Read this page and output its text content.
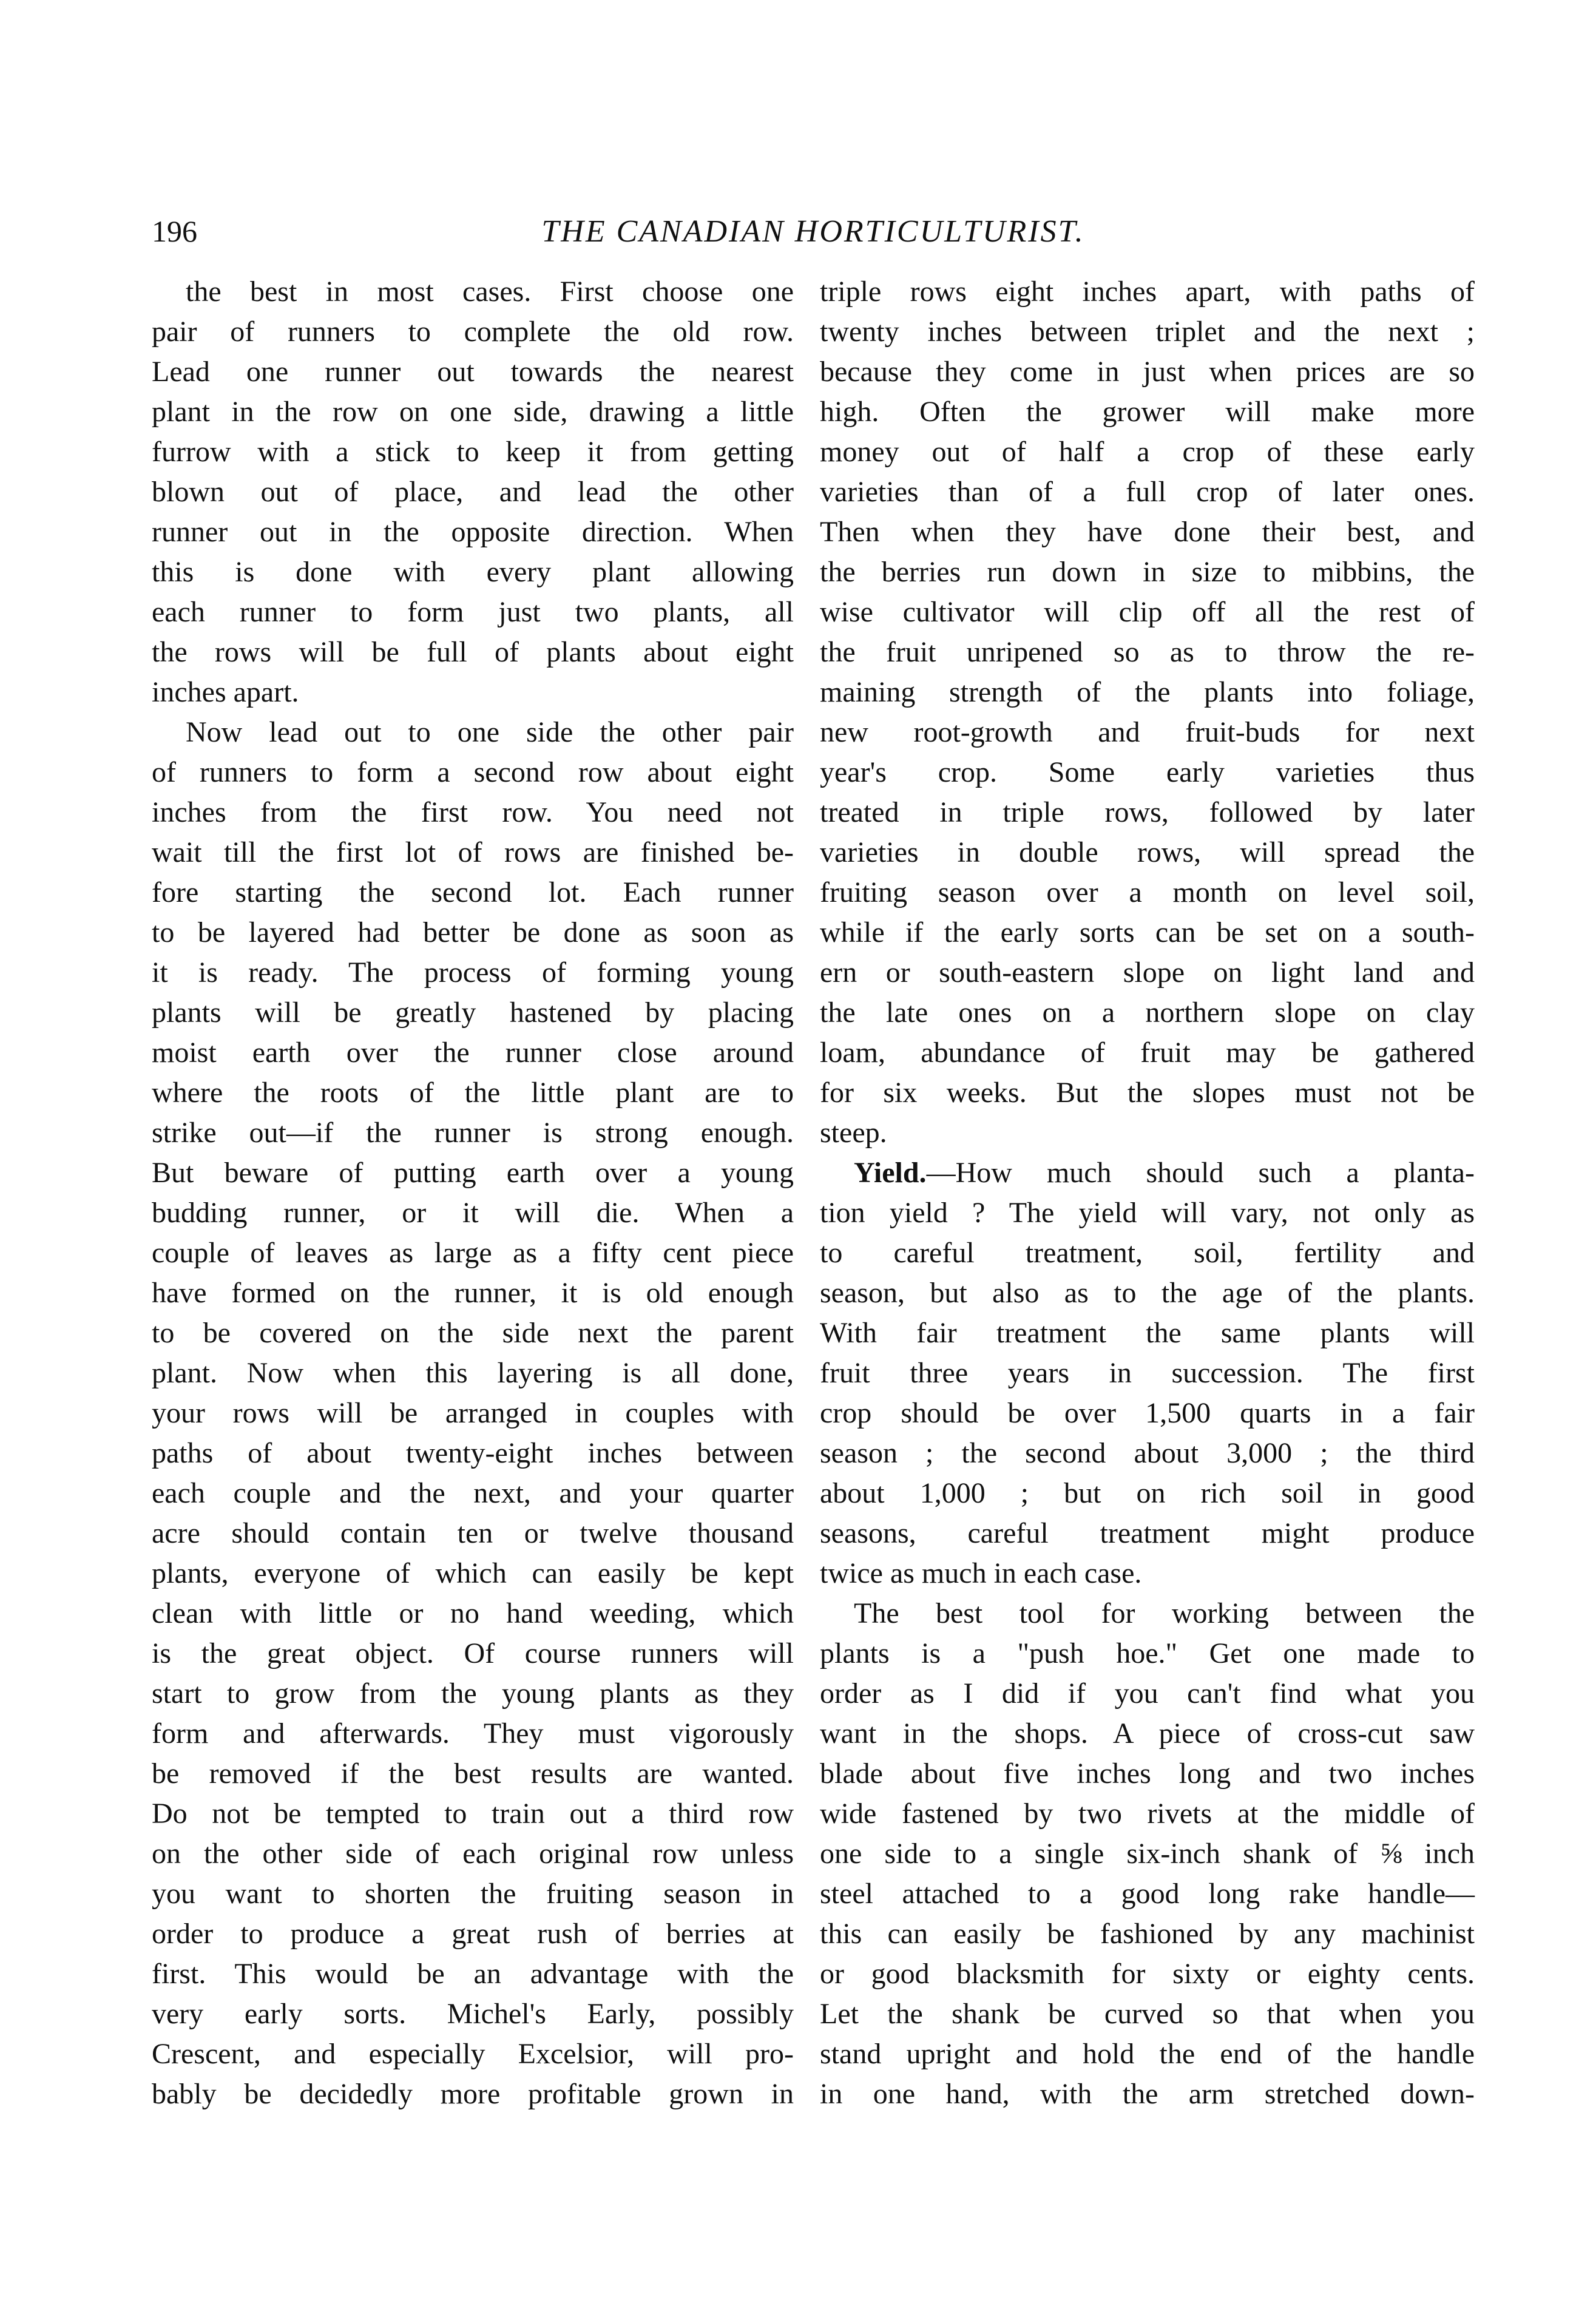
196	THE CANADIAN HORTICULTURIST.
the best in most cases. First choose one
pair of runners to complete the old row.
Lead one runner out towards the nearest
plant in the row on one side, drawing a little
furrow with a stick to keep it from getting
blown out of place, and lead the other
runner out in the opposite direction. When
this is done with every plant allowing
each runner to form just two plants, all
the rows will be full of plants about eight
inches apart.
Now lead out to one side the other pair
of runners to form a second row about eight
inches from the first row. You need not
wait till the first lot of rows are finished be-
fore starting the second lot. Each runner
to be layered had better be done as soon as
it is ready. The process of forming young
plants will be greatly hastened by placing
moist earth over the runner close around
where the roots of the little plant are to
strike out—if the runner is strong enough.
But beware of putting earth over a young
budding runner, or it will die. When a
couple of leaves as large as a fifty cent piece
have formed on the runner, it is old enough
to be covered on the side next the parent
plant. Now when this layering is all done,
your rows will be arranged in couples with
paths of about twenty-eight inches between
each couple and the next, and your quarter
acre should contain ten or twelve thousand
plants, everyone of which can easily be kept
clean with little or no hand weeding, which
is the great object. Of course runners will
start to grow from the young plants as they
form and afterwards. They must vigorously
be removed if the best results are wanted.
Do not be tempted to train out a third row
on the other side of each original row unless
you want to shorten the fruiting season in
order to produce a great rush of berries at
first. This would be an advantage with the
very early sorts. Michel's Early, possibly
Crescent, and especially Excelsior, will pro-
bably be decidedly more profitable grown in
triple rows eight inches apart, with paths of
twenty inches between triplet and the next ;
because they come in just when prices are so
high. Often the grower will make more
money out of half a crop of these early
varieties than of a full crop of later ones.
Then when they have done their best, and
the berries run down in size to mibbins, the
wise cultivator will clip off all the rest of
the fruit unripened so as to throw the re-
maining strength of the plants into foliage,
new root-growth and fruit-buds for next
year's crop. Some early varieties thus
treated in triple rows, followed by later
varieties in double rows, will spread the
fruiting season over a month on level soil,
while if the early sorts can be set on a south-
ern or south-eastern slope on light land and
the late ones on a northern slope on clay
loam, abundance of fruit may be gathered
for six weeks. But the slopes must not be
steep.
Yield.—How much should such a planta-
tion yield ? The yield will vary, not only as
to careful treatment, soil, fertility and
season, but also as to the age of the plants.
With fair treatment the same plants will
fruit three years in succession. The first
crop should be over 1,500 quarts in a fair
season ; the second about 3,000 ; the third
about 1,000 ; but on rich soil in good
seasons, careful treatment might produce
twice as much in each case.
The best tool for working between the
plants is a "push hoe." Get one made to
order as I did if you can't find what you
want in the shops. A piece of cross-cut saw
blade about five inches long and two inches
wide fastened by two rivets at the middle of
one side to a single six-inch shank of ⅝ inch
steel attached to a good long rake handle—
this can easily be fashioned by any machinist
or good blacksmith for sixty or eighty cents.
Let the shank be curved so that when you
stand upright and hold the end of the handle
in one hand, with the arm stretched down-
